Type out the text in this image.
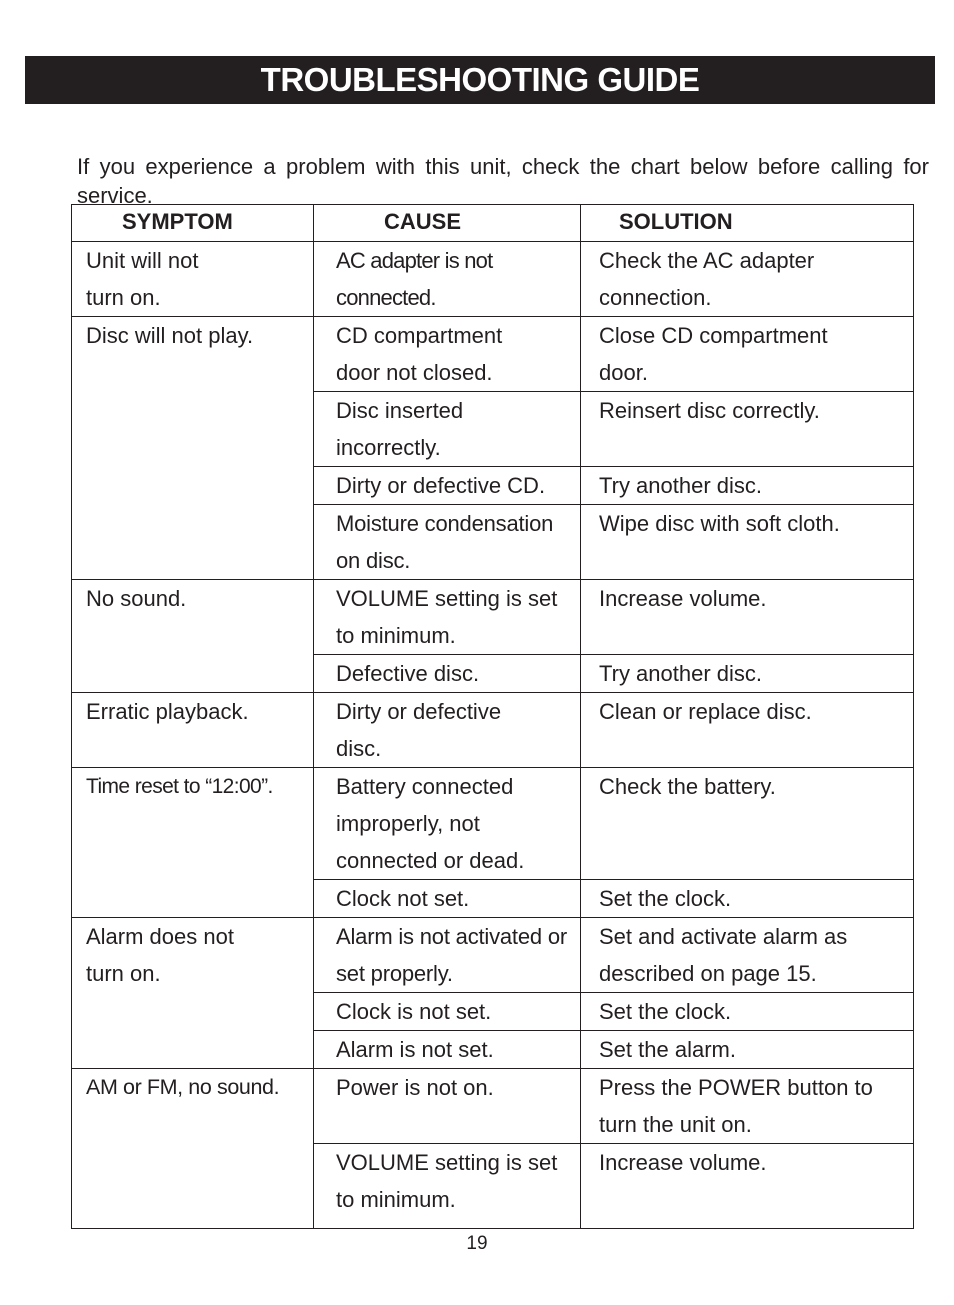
TROUBLESHOOTING GUIDE

If you experience a problem with this unit, check the chart below before calling for service.

SYMPTOM	CAUSE	SOLUTION
Unit will not turn on.	AC adapter is not connected.	Check the AC adapter connection.
Disc will not play.	CD compartment door not closed.	Close CD compartment door.
	Disc inserted incorrectly.	Reinsert disc correctly.
	Dirty or defective CD.	Try another disc.
	Moisture condensation on disc.	Wipe disc with soft cloth.
No sound.	VOLUME setting is set to minimum.	Increase volume.
	Defective disc.	Try another disc.
Erratic playback.	Dirty or defective disc.	Clean or replace disc.
Time reset to “12:00”.	Battery connected improperly, not connected or dead.	Check the battery.
	Clock not set.	Set the clock.
Alarm does not turn on.	Alarm is not activated or set properly.	Set and activate alarm as described on page 15.
	Clock is not set.	Set the clock.
	Alarm is not set.	Set the alarm.
AM or FM, no sound.	Power is not on.	Press the POWER button to turn the unit on.
	VOLUME setting is set to minimum.	Increase volume.
19
